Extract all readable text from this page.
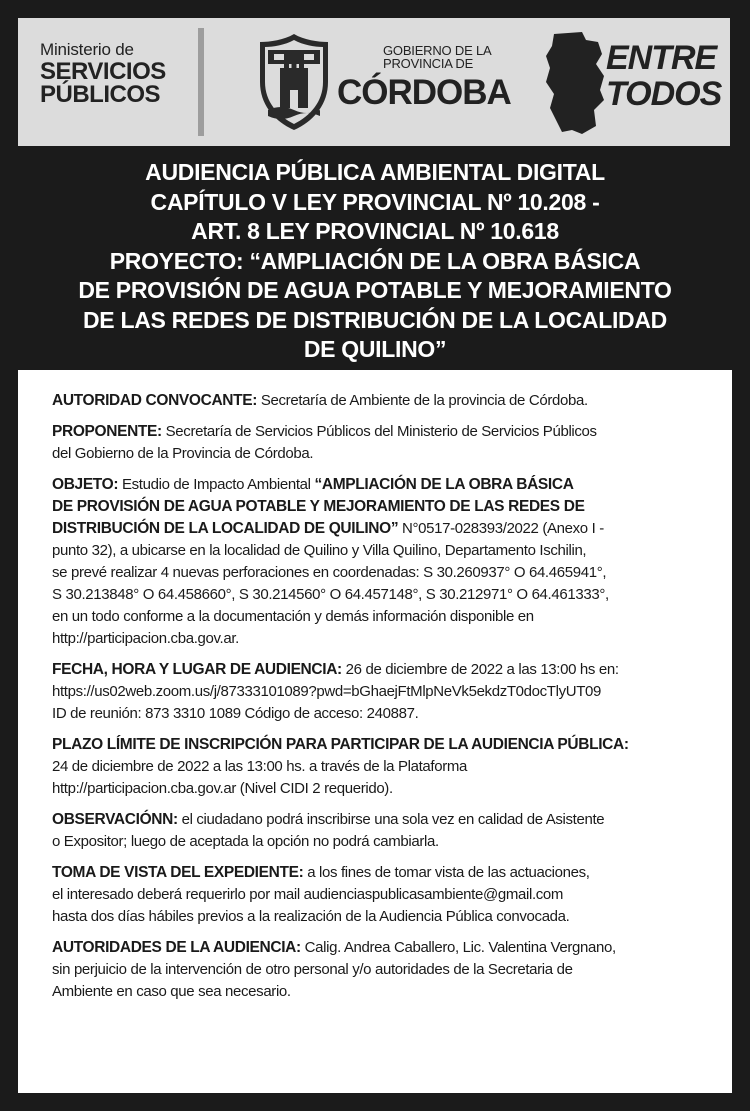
Ministerio de
SERVICIOS
PÚBLICOS
GOBIERNO DE LA
PROVINCIA DE
CÓRDOBA
ENTRE
TODOS
AUDIENCIA PÚBLICA AMBIENTAL DIGITAL
CAPÍTULO V LEY PROVINCIAL Nº 10.208 -
ART. 8 LEY PROVINCIAL Nº 10.618
PROYECTO: “AMPLIACIÓN DE LA OBRA BÁSICA
DE PROVISIÓN DE AGUA POTABLE Y MEJORAMIENTO
DE LAS REDES DE DISTRIBUCIÓN DE LA LOCALIDAD
DE QUILINO”
AUTORIDAD CONVOCANTE: Secretaría de Ambiente de la provincia de Córdoba.
PROPONENTE: Secretaría de Servicios Públicos del Ministerio de Servicios Públicos
del Gobierno de la Provincia de Córdoba.
OBJETO: Estudio de Impacto Ambiental “AMPLIACIÓN DE LA OBRA BÁSICA
DE PROVISIÓN DE AGUA POTABLE Y MEJORAMIENTO DE LAS REDES DE
DISTRIBUCIÓN DE LA LOCALIDAD DE QUILINO” N°0517-028393/2022 (Anexo I -
punto 32), a ubicarse en la localidad de Quilino y Villa Quilino, Departamento Ischilin,
se prevé realizar 4 nuevas perforaciones en coordenadas: S 30.260937° O 64.465941°,
S 30.213848° O 64.458660°, S 30.214560° O 64.457148°, S 30.212971° O 64.461333°,
en un todo conforme a la documentación y demás información disponible en
http://participacion.cba.gov.ar.
FECHA, HORA Y LUGAR DE AUDIENCIA: 26 de diciembre de 2022 a las 13:00 hs en:
https://us02web.zoom.us/j/87333101089?pwd=bGhaejFtMlpNeVk5ekdzT0docTlyUT09
ID de reunión: 873 3310 1089 Código de acceso: 240887.
PLAZO LÍMITE DE INSCRIPCIÓN PARA PARTICIPAR DE LA AUDIENCIA PÚBLICA:
24 de diciembre de 2022 a las 13:00 hs. a través de la Plataforma
http://participacion.cba.gov.ar (Nivel CIDI 2 requerido).
OBSERVACIÓNN: el ciudadano podrá inscribirse una sola vez en calidad de Asistente
o Expositor; luego de aceptada la opción no podrá cambiarla.
TOMA DE VISTA DEL EXPEDIENTE: a los fines de tomar vista de las actuaciones,
el interesado deberá requerirlo por mail audienciaspublicasambiente@gmail.com
hasta dos días hábiles previos a la realización de la Audiencia Pública convocada.
AUTORIDADES DE LA AUDIENCIA: Calig. Andrea Caballero, Lic. Valentina Vergnano,
sin perjuicio de la intervención de otro personal y/o autoridades de la Secretaria de
Ambiente en caso que sea necesario.
